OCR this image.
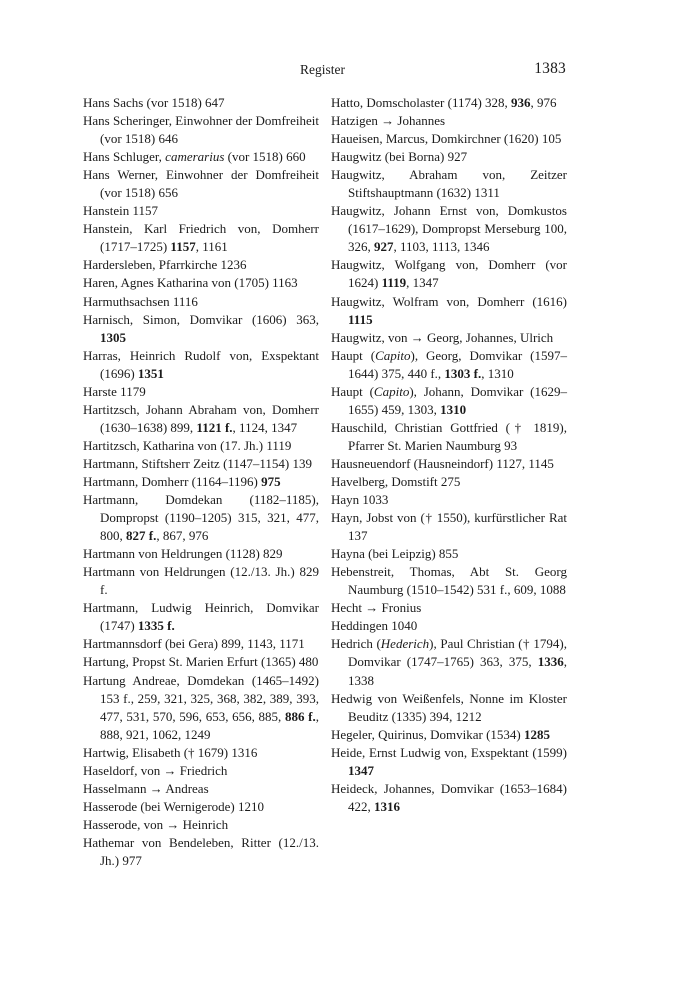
Register	1383

Hans Sachs (vor 1518) 647

Hans Scheringer, Einwohner der Domfreiheit (vor 1518) 646

Hans Schluger, camerarius (vor 1518) 660

Hans Werner, Einwohner der Domfreiheit (vor 1518) 656

Hanstein 1157

Hanstein, Karl Friedrich von, Domherr (1717–1725) 1157, 1161

Hardersleben, Pfarrkirche 1236

Haren, Agnes Katharina von (1705) 1163

Harmuthsachsen 1116

Harnisch, Simon, Domvikar (1606) 363, 1305

Harras, Heinrich Rudolf von, Exspektant (1696) 1351

Harste 1179

Hartitzsch, Johann Abraham von, Domherr (1630–1638) 899, 1121 f., 1124, 1347

Hartitzsch, Katharina von (17. Jh.) 1119

Hartmann, Stiftsherr Zeitz (1147–1154) 139

Hartmann, Domherr (1164–1196) 975

Hartmann, Domdekan (1182–1185), Dompropst (1190–1205) 315, 321, 477, 800, 827 f., 867, 976

Hartmann von Heldrungen (1128) 829

Hartmann von Heldrungen (12./13. Jh.) 829 f.

Hartmann, Ludwig Heinrich, Domvikar (1747) 1335 f.

Hartmannsdorf (bei Gera) 899, 1143, 1171

Hartung, Propst St. Marien Erfurt (1365) 480

Hartung Andreae, Domdekan (1465–1492) 153 f., 259, 321, 325, 368, 382, 389, 393, 477, 531, 570, 596, 653, 656, 885, 886 f., 888, 921, 1062, 1249

Hartwig, Elisabeth († 1679) 1316

Haseldorf, von → Friedrich

Hasselmann → Andreas

Hasserode (bei Wernigerode) 1210

Hasserode, von → Heinrich

Hathemar von Bendeleben, Ritter (12./13. Jh.) 977

Hatto, Domscholaster (1174) 328, 936, 976

Hatzigen → Johannes

Haueisen, Marcus, Domkirchner (1620) 105

Haugwitz (bei Borna) 927

Haugwitz, Abraham von, Zeitzer Stiftshauptmann (1632) 1311

Haugwitz, Johann Ernst von, Domkustos (1617–1629), Dompropst Merseburg 100, 326, 927, 1103, 1113, 1346

Haugwitz, Wolfgang von, Domherr (vor 1624) 1119, 1347

Haugwitz, Wolfram von, Domherr (1616) 1115

Haugwitz, von → Georg, Johannes, Ulrich

Haupt (Capito), Georg, Domvikar (1597–1644) 375, 440 f., 1303 f., 1310

Haupt (Capito), Johann, Domvikar (1629–1655) 459, 1303, 1310

Hauschild, Christian Gottfried († 1819), Pfarrer St. Marien Naumburg 93

Hausneuendorf (Hausneindorf) 1127, 1145

Havelberg, Domstift 275

Hayn 1033

Hayn, Jobst von († 1550), kurfürstlicher Rat 137

Hayna (bei Leipzig) 855

Hebenstreit, Thomas, Abt St. Georg Naumburg (1510–1542) 531 f., 609, 1088

Hecht → Fronius

Heddingen 1040

Hedrich (Hederich), Paul Christian († 1794), Domvikar (1747–1765) 363, 375, 1336, 1338

Hedwig von Weißenfels, Nonne im Kloster Beuditz (1335) 394, 1212

Hegeler, Quirinus, Domvikar (1534) 1285

Heide, Ernst Ludwig von, Exspektant (1599) 1347

Heideck, Johannes, Domvikar (1653–1684) 422, 1316
